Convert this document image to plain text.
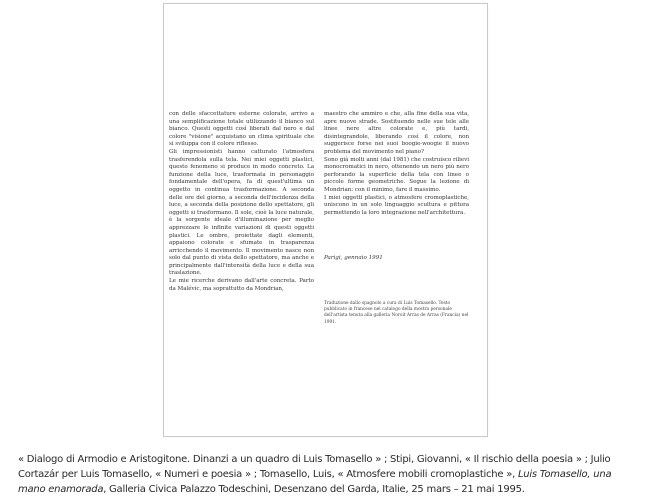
con delle sfaccettature esterne colorate, arrivo a una semplificazione totale utilizzando il bianco sul bianco. Questi oggetti così liberati dal nero e dal colore "visione" acquistano un clima spirituale che si sviluppa con il colore riflesso.

Gli impressionisti hanno catturato l'atmosfera trasferendola sulla tela. Nei miei oggetti plastici, questo fenomeno si produce in modo concreto. La funzione della luce, trasformata in personaggio fondamentale dell'opera, fa di quest'ultima un oggetto in continua trasformazione. A seconda delle ore del giorno, a seconda dell'incidenza della luce, a seconda della posizione dello spettatore, gli oggetti si trasformano. Il sole, cioè la luce naturale, è la sorgente ideale d'illuminazione per meglio apprezzare le infinite variazioni di questi oggetti plastici. Le ombre, proiettate dagli elementi, appaiono colorate e sfumate in trasparenza arricchendo il movimento. Il movimento nasce non solo dal punto di vista dello spettatore, ma anche e principalmente dall'intensità della luce e della sua traslazione.

Le mie ricerche derivano dall'arte concreta. Parto da Malévic, ma soprattutto da Mondrian,

maestro che ammiro e che, alla fine della sua vita, apre nuove strade. Sostituendo nelle sue tele alle linee nere altre colorate e, più tardi, disintegrandole, liberando così il colore, non suggerisce forse nei suoi boogie-woogie il nuovo problema del movimento nel piano?

Sono già molti anni (dal 1981) che costruisco rilievi monocromatici in nero, ottenendo un nero più nero perforando la superficie della tela con linee o piccole forme geometriche. Segue la lezione di Mondrian: con il minimo, fare il massimo.

I miei oggetti plastici, o atmosfere cromoplastiche, uniscono in un solo linguaggio scultura e pittura permettendo la loro integrazione nell'architettura.

Parigi, gennaio 1991
Traduzione dallo spagnolo a cura di Luis Tomasello. Testo pubblicato in francese nel catalogo della mostra personale dell'artista tenuta alla galleria Noroit Arras de Arras (Francia) nel 1991.
« Dialogo di Armodio e Aristogitone. Dinanzi a un quadro di Luis Tomasello » ; Stipi, Giovanni, « Il rischio della poesia » ; Julio Cortazár per Luis Tomasello, « Numeri e poesia » ; Tomasello, Luis, « Atmosfere mobili cromoplastiche », Luis Tomasello, una mano enamorada, Galleria Civica Palazzo Todeschini, Desenzano del Garda, Italie, 25 mars – 21 mai 1995.
